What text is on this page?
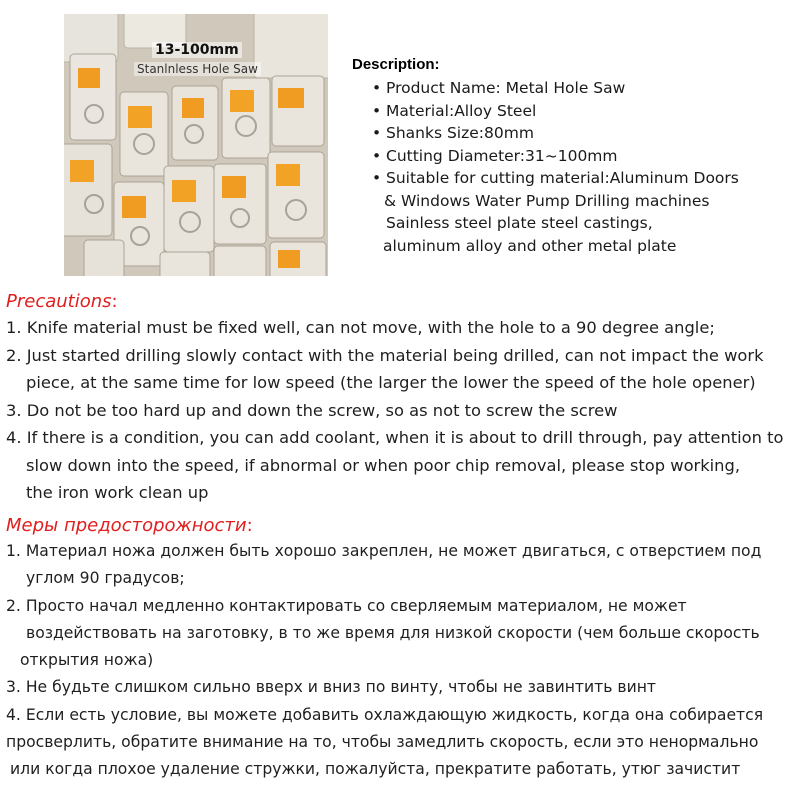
13-100mm
Stanlnless Hole Saw	Description:

• Product Name: Metal Hole Saw
• Material:Alloy Steel
• Shanks Size:80mm
• Cutting Diameter:31~100mm
• Suitable for cutting material:Aluminum Doors
& Windows Water Pump Drilling machines
Sainless steel plate steel castings,
aluminum alloy and other metal plate

Precautions:

1. Knife material must be fixed well, can not move, with the hole to a 90 degree angle;
2. Just started drilling slowly contact with the material being drilled, can not impact the work
piece, at the same time for low speed (the larger the lower the speed of the hole opener)
3. Do not be too hard up and down the screw, so as not to screw the screw
4. If there is a condition, you can add coolant, when it is about to drill through, pay attention to
slow down into the speed, if abnormal or when poor chip removal, please stop working,
the iron work clean up

Меры предосторожности:

1. Материал ножа должен быть хорошо закреплен, не может двигаться, с отверстием под
углом 90 градусов;
2. Просто начал медленно контактировать со сверляемым материалом, не может
воздействовать на заготовку, в то же время для низкой скорости (чем больше скорость
открытия ножа)
3. Не будьте слишком сильно вверх и вниз по винту, чтобы не завинтить винт
4. Если есть условие, вы можете добавить охлаждающую жидкость, когда она собирается
просверлить, обратите внимание на то, чтобы замедлить скорость, если это ненормально
или когда плохое удаление стружки, пожалуйста, прекратите работать, утюг зачистит
